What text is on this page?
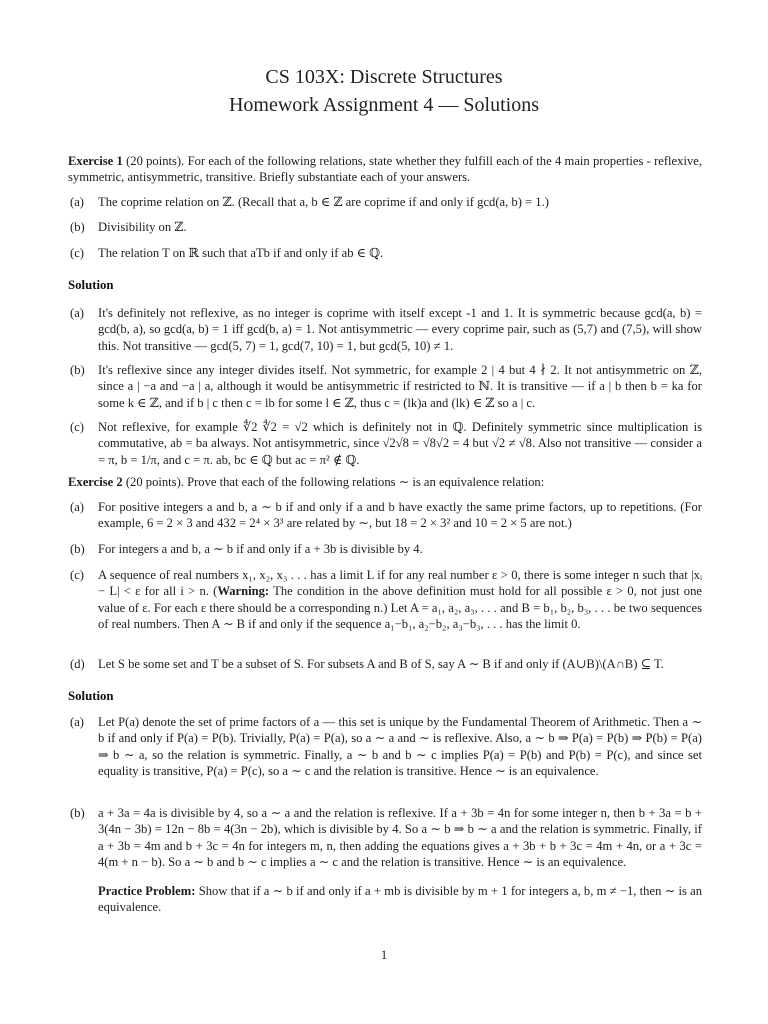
CS 103X: Discrete Structures
Homework Assignment 4 — Solutions
Exercise 1 (20 points). For each of the following relations, state whether they fulfill each of the 4 main properties - reflexive, symmetric, antisymmetric, transitive. Briefly substantiate each of your answers.
(a)	The coprime relation on ℤ. (Recall that a, b ∈ ℤ are coprime if and only if gcd(a, b) = 1.)
(b)	Divisibility on ℤ.
(c)	The relation T on ℝ such that aTb if and only if ab ∈ ℚ.
Solution
(a)	It's definitely not reflexive, as no integer is coprime with itself except -1 and 1. It is symmetric because gcd(a, b) = gcd(b, a), so gcd(a, b) = 1 iff gcd(b, a) = 1. Not antisymmetric — every coprime pair, such as (5,7) and (7,5), will show this. Not transitive — gcd(5, 7) = 1, gcd(7, 10) = 1, but gcd(5, 10) ≠ 1.
(b)	It's reflexive since any integer divides itself. Not symmetric, for example 2 | 4 but 4 ∤ 2. It not antisymmetric on ℤ, since a | −a and −a | a, although it would be antisymmetric if restricted to ℕ. It is transitive — if a | b then b = ka for some k ∈ ℤ, and if b | c then c = lb for some l ∈ ℤ, thus c = (lk)a and (lk) ∈ ℤ so a | c.
(c)	Not reflexive, for example ∜2 ∜2 = √2 which is definitely not in ℚ. Definitely symmetric since multiplication is commutative, ab = ba always. Not antisymmetric, since √2√8 = √8√2 = 4 but √2 ≠ √8. Also not transitive — consider a = π, b = 1/π, and c = π. ab, bc ∈ ℚ but ac = π² ∉ ℚ.
Exercise 2 (20 points). Prove that each of the following relations ∼ is an equivalence relation:
(a)	For positive integers a and b, a ∼ b if and only if a and b have exactly the same prime factors, up to repetitions. (For example, 6 = 2 × 3 and 432 = 2⁴ × 3³ are related by ∼, but 18 = 2 × 3² and 10 = 2 × 5 are not.)
(b)	For integers a and b, a ∼ b if and only if a + 3b is divisible by 4.
(c)	A sequence of real numbers x₁, x₂, x₃ . . . has a limit L if for any real number ε > 0, there is some integer n such that |xᵢ − L| < ε for all i > n. (Warning: The condition in the above definition must hold for all possible ε > 0, not just one value of ε. For each ε there should be a corresponding n.) Let A = a₁, a₂, a₃, . . . and B = b₁, b₂, b₃, . . . be two sequences of real numbers. Then A ∼ B if and only if the sequence a₁−b₁, a₂−b₂, a₃−b₃, . . . has the limit 0.
(d)	Let S be some set and T be a subset of S. For subsets A and B of S, say A ∼ B if and only if (A∪B)\(A∩B) ⊆ T.
Solution
(a)	Let P(a) denote the set of prime factors of a — this set is unique by the Fundamental Theorem of Arithmetic. Then a ∼ b if and only if P(a) = P(b). Trivially, P(a) = P(a), so a ∼ a and ∼ is reflexive. Also, a ∼ b ⇒ P(a) = P(b) ⇒ P(b) = P(a) ⇒ b ∼ a, so the relation is symmetric. Finally, a ∼ b and b ∼ c implies P(a) = P(b) and P(b) = P(c), and since set equality is transitive, P(a) = P(c), so a ∼ c and the relation is transitive. Hence ∼ is an equivalence.
(b)	a + 3a = 4a is divisible by 4, so a ∼ a and the relation is reflexive. If a + 3b = 4n for some integer n, then b + 3a = b + 3(4n − 3b) = 12n − 8b = 4(3n − 2b), which is divisible by 4. So a ∼ b ⇒ b ∼ a and the relation is symmetric. Finally, if a + 3b = 4m and b + 3c = 4n for integers m, n, then adding the equations gives a + 3b + b + 3c = 4m + 4n, or a + 3c = 4(m + n − b). So a ∼ b and b ∼ c implies a ∼ c and the relation is transitive. Hence ∼ is an equivalence.
Practice Problem: Show that if a ∼ b if and only if a + mb is divisible by m + 1 for integers a, b, m ≠ −1, then ∼ is an equivalence.
1
